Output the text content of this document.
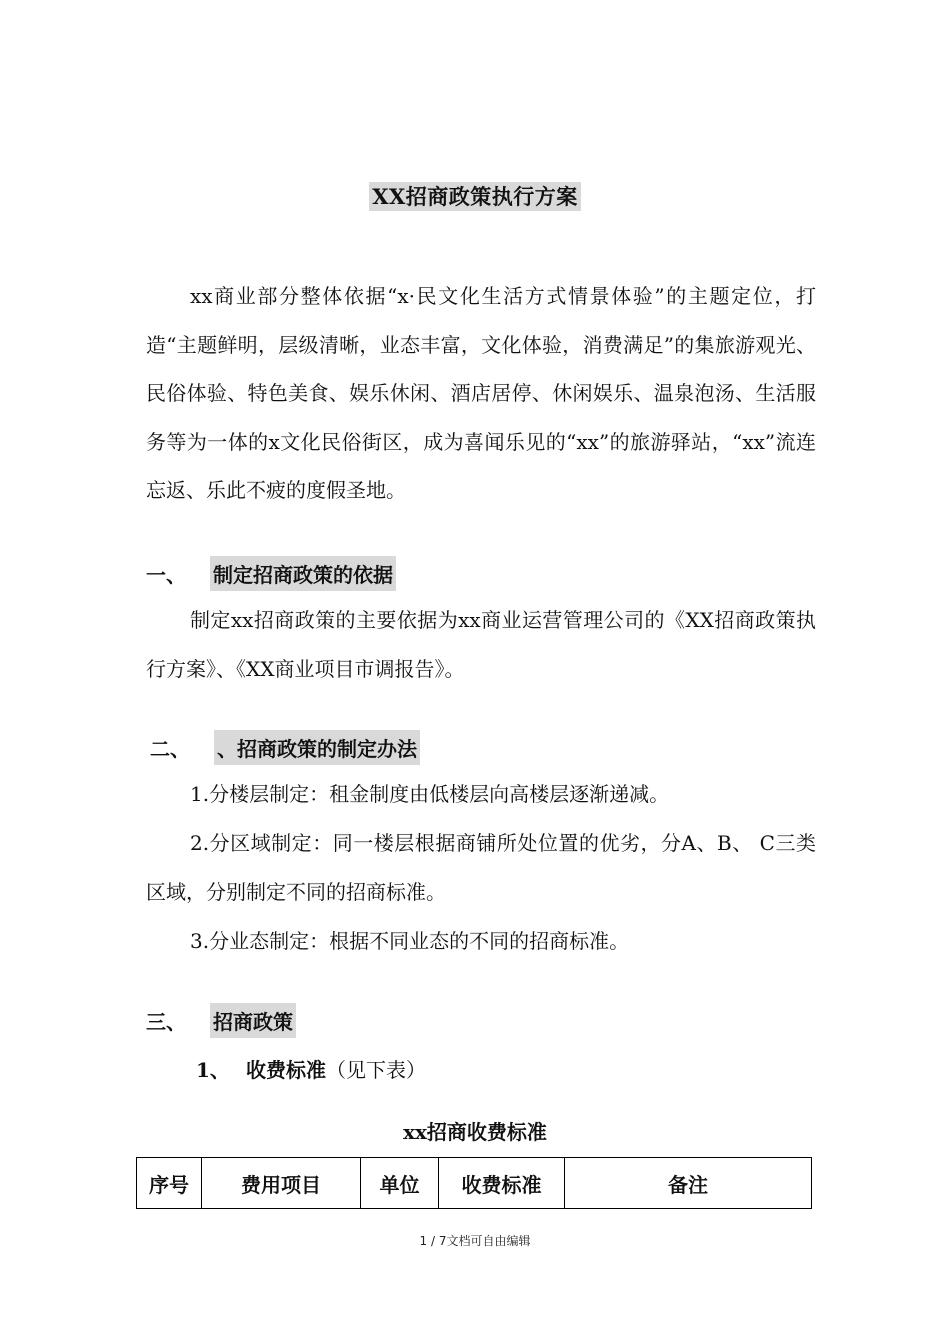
XX招商政策执行方案

xx商业部分整体依据“x·民文化生活方式情景体验”的主题定位，打造“主题鲜明，层级清晰，业态丰富，文化体验，消费满足”的集旅游观光、民俗体验、特色美食、娱乐休闲、酒店居停、休闲娱乐、温泉泡汤、生活服务等为一体的x文化民俗街区，成为喜闻乐见的“xx”的旅游驿站，“xx”流连忘返、乐此不疲的度假圣地。

一、	制定招商政策的依据

制定xx招商政策的主要依据为xx商业运营管理公司的《XX招商政策执行方案》、《XX商业项目市调报告》。

二、	、招商政策的制定办法

1.分楼层制定：租金制度由低楼层向高楼层逐渐递减。

2.分区域制定：同一楼层根据商铺所处位置的优劣，分A、B、 C三类区域，分别制定不同的招商标准。

3.分业态制定：根据不同业态的不同的招商标准。

三、	招商政策
1、 收费标准（见下表）
xx招商收费标准
序号	费用项目	单位	收费标准	备注
1 / 7文档可自由编辑
